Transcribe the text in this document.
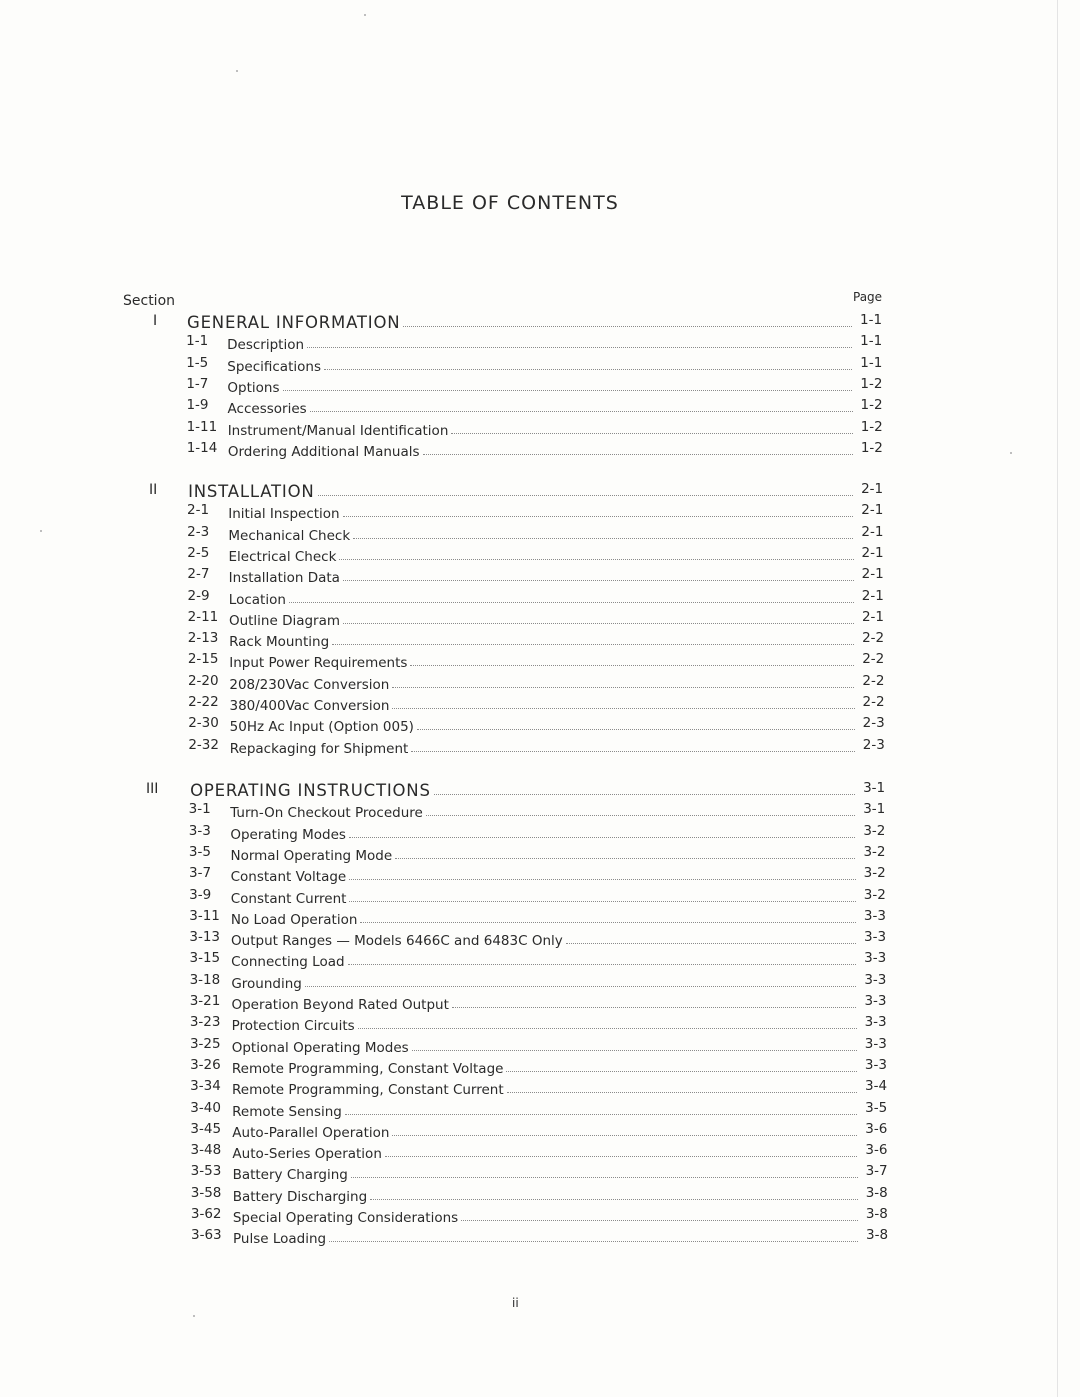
TABLE OF CONTENTS
Section	Page
I GENERAL INFORMATION	1-1
1-1 Description	1-1
1-5 Specifications	1-1
1-7 Options	1-2
1-9 Accessories	1-2
1-11 Instrument/Manual Identification	1-2
1-14 Ordering Additional Manuals	1-2
II INSTALLATION	2-1
2-1 Initial Inspection	2-1
2-3 Mechanical Check	2-1
2-5 Electrical Check	2-1
2-7 Installation Data	2-1
2-9 Location	2-1
2-11 Outline Diagram	2-1
2-13 Rack Mounting	2-2
2-15 Input Power Requirements	2-2
2-20 208/230Vac Conversion	2-2
2-22 380/400Vac Conversion	2-2
2-30 50Hz Ac Input (Option 005)	2-3
2-32 Repackaging for Shipment	2-3
III OPERATING INSTRUCTIONS	3-1
3-1 Turn-On Checkout Procedure	3-1
3-3 Operating Modes	3-2
3-5 Normal Operating Mode	3-2
3-7 Constant Voltage	3-2
3-9 Constant Current	3-2
3-11 No Load Operation	3-3
3-13 Output Ranges — Models 6466C and 6483C Only	3-3
3-15 Connecting Load	3-3
3-18 Grounding	3-3
3-21 Operation Beyond Rated Output	3-3
3-23 Protection Circuits	3-3
3-25 Optional Operating Modes	3-3
3-26 Remote Programming, Constant Voltage	3-3
3-34 Remote Programming, Constant Current	3-4
3-40 Remote Sensing	3-5
3-45 Auto-Parallel Operation	3-6
3-48 Auto-Series Operation	3-6
3-53 Battery Charging	3-7
3-58 Battery Discharging	3-8
3-62 Special Operating Considerations	3-8
3-63 Pulse Loading	3-8
ii
